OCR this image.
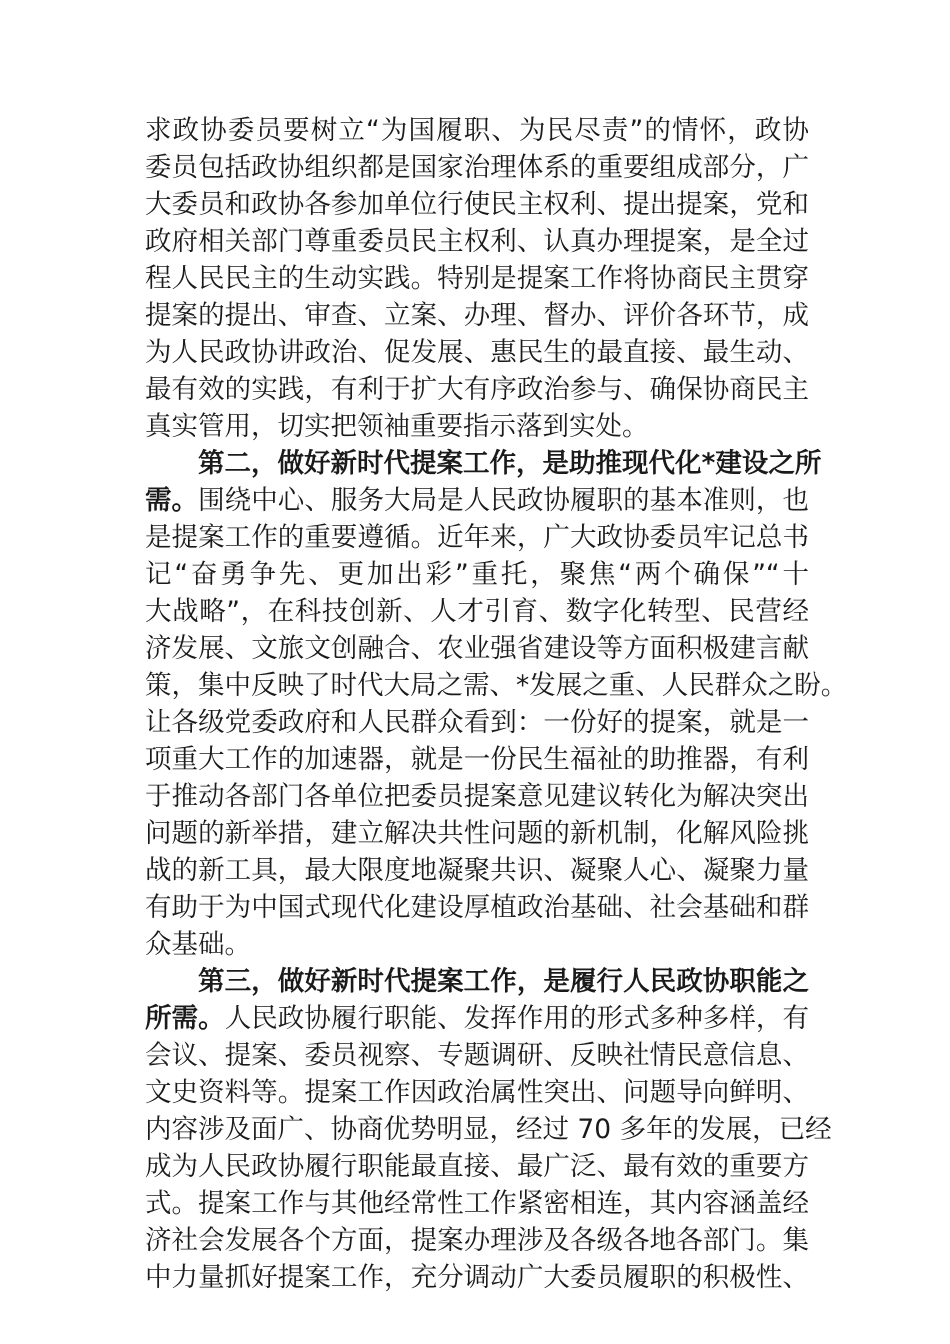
求政协委员要树立“为国履职、为民尽责”的情怀，政协
委员包括政协组织都是国家治理体系的重要组成部分，广
大委员和政协各参加单位行使民主权利、提出提案，党和
政府相关部门尊重委员民主权利、认真办理提案，是全过
程人民民主的生动实践。特别是提案工作将协商民主贯穿
提案的提出、审查、立案、办理、督办、评价各环节，成
为人民政协讲政治、促发展、惠民生的最直接、最生动、
最有效的实践，有利于扩大有序政治参与、确保协商民主
真实管用，切实把领袖重要指示落到实处。
第二，做好新时代提案工作，是助推现代化*建设之所
需。围绕中心、服务大局是人民政协履职的基本准则，也
是提案工作的重要遵循。近年来，广大政协委员牢记总书
记“奋勇争先、更加出彩”重托，聚焦“两个确保”“十
大战略”，在科技创新、人才引育、数字化转型、民营经
济发展、文旅文创融合、农业强省建设等方面积极建言献
策，集中反映了时代大局之需、*发展之重、人民群众之盼。
让各级党委政府和人民群众看到：一份好的提案，就是一
项重大工作的加速器，就是一份民生福祉的助推器，有利
于推动各部门各单位把委员提案意见建议转化为解决突出
问题的新举措，建立解决共性问题的新机制，化解风险挑
战的新工具，最大限度地凝聚共识、凝聚人心、凝聚力量
有助于为中国式现代化建设厚植政治基础、社会基础和群
众基础。
第三，做好新时代提案工作，是履行人民政协职能之
所需。人民政协履行职能、发挥作用的形式多种多样，有
会议、提案、委员视察、专题调研、反映社情民意信息、
文史资料等。提案工作因政治属性突出、问题导向鲜明、
内容涉及面广、协商优势明显，经过 70 多年的发展，已经
成为人民政协履行职能最直接、最广泛、最有效的重要方
式。提案工作与其他经常性工作紧密相连，其内容涵盖经
济社会发展各个方面，提案办理涉及各级各地各部门。集
中力量抓好提案工作，充分调动广大委员履职的积极性、
